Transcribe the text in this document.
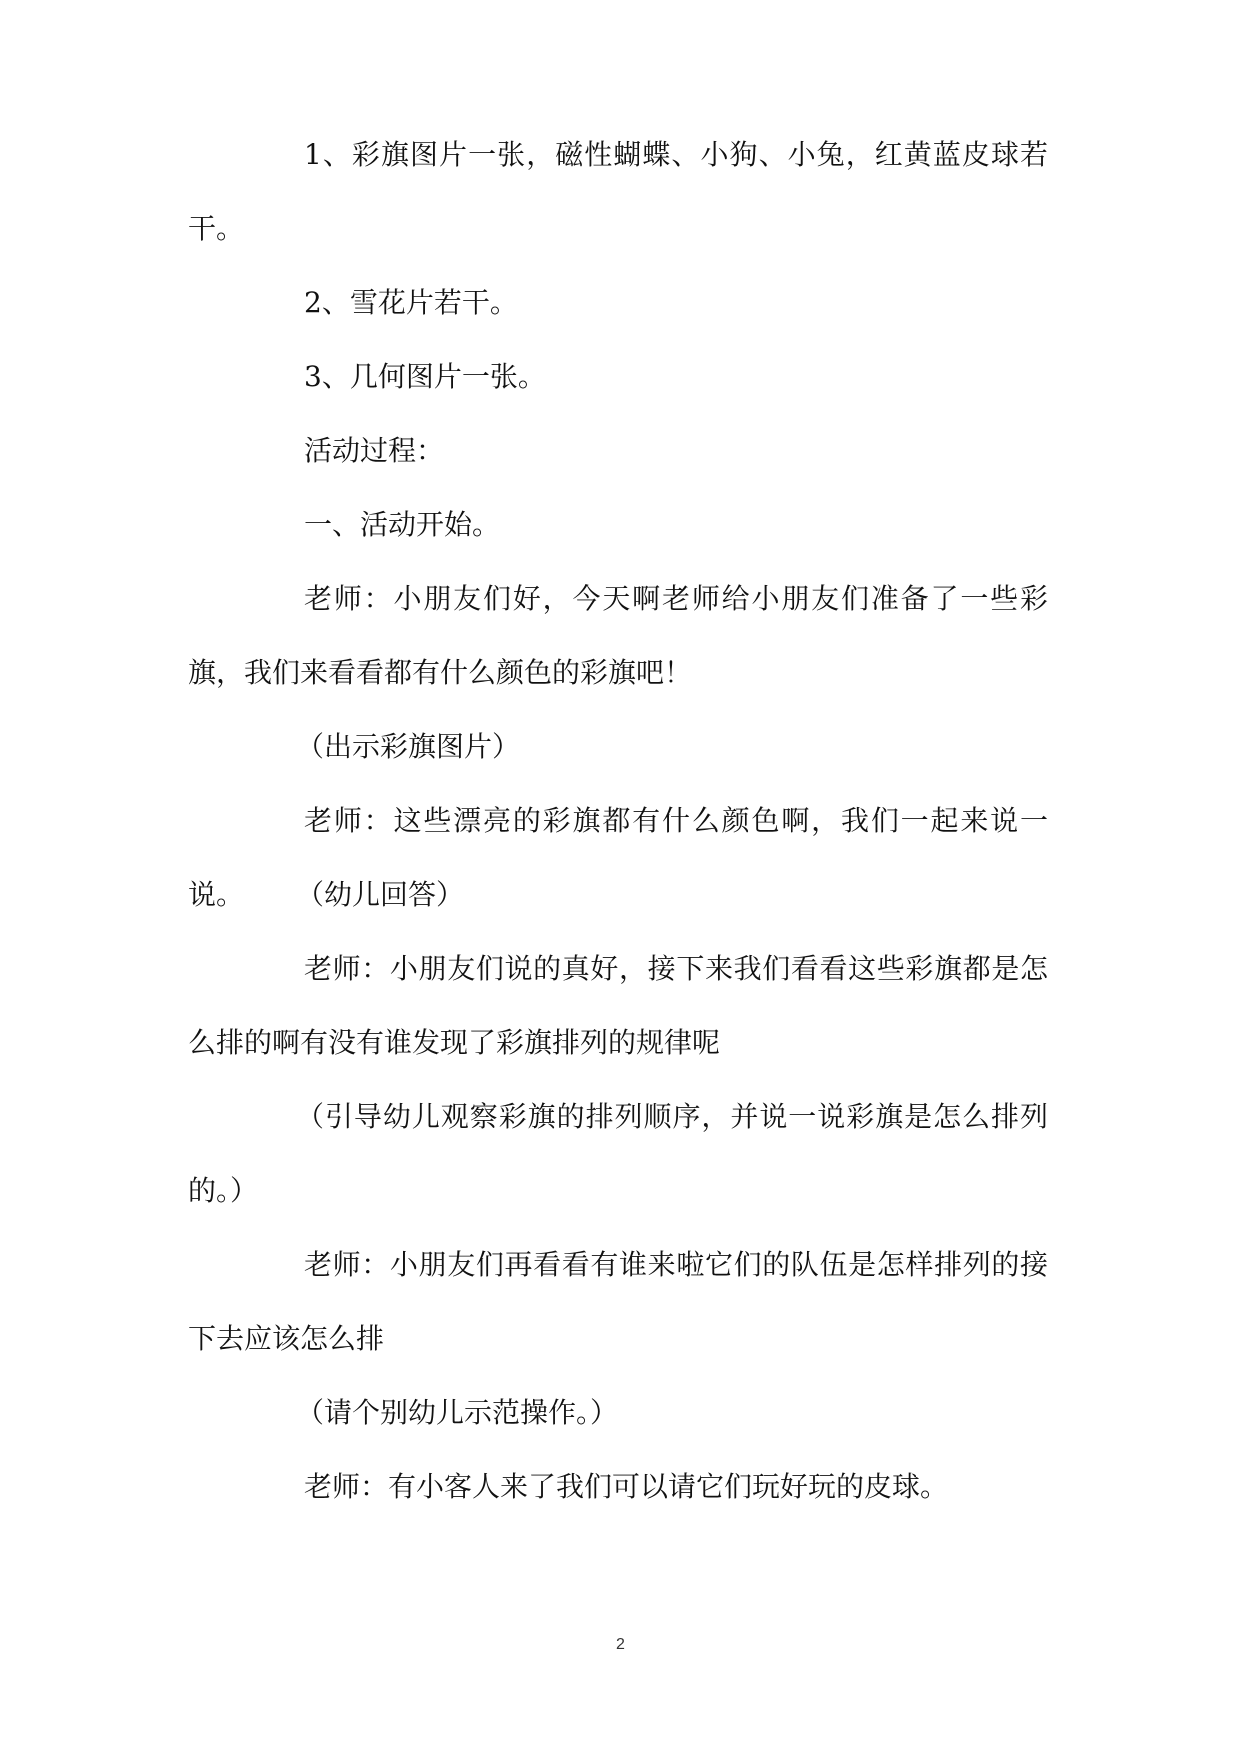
1、彩旗图片一张，磁性蝴蝶、小狗、小兔，红黄蓝皮球若干。

2、雪花片若干。

3、几何图片一张。

活动过程：

一、活动开始。

老师：小朋友们好，今天啊老师给小朋友们准备了一些彩旗，我们来看看都有什么颜色的彩旗吧！

（出示彩旗图片）

老师：这些漂亮的彩旗都有什么颜色啊，我们一起来说一说。	（幼儿回答）

老师：小朋友们说的真好，接下来我们看看这些彩旗都是怎么排的啊有没有谁发现了彩旗排列的规律呢

（引导幼儿观察彩旗的排列顺序，并说一说彩旗是怎么排列的。）

老师：小朋友们再看看有谁来啦它们的队伍是怎样排列的接下去应该怎么排

（请个别幼儿示范操作。）

老师：有小客人来了我们可以请它们玩好玩的皮球。

2
